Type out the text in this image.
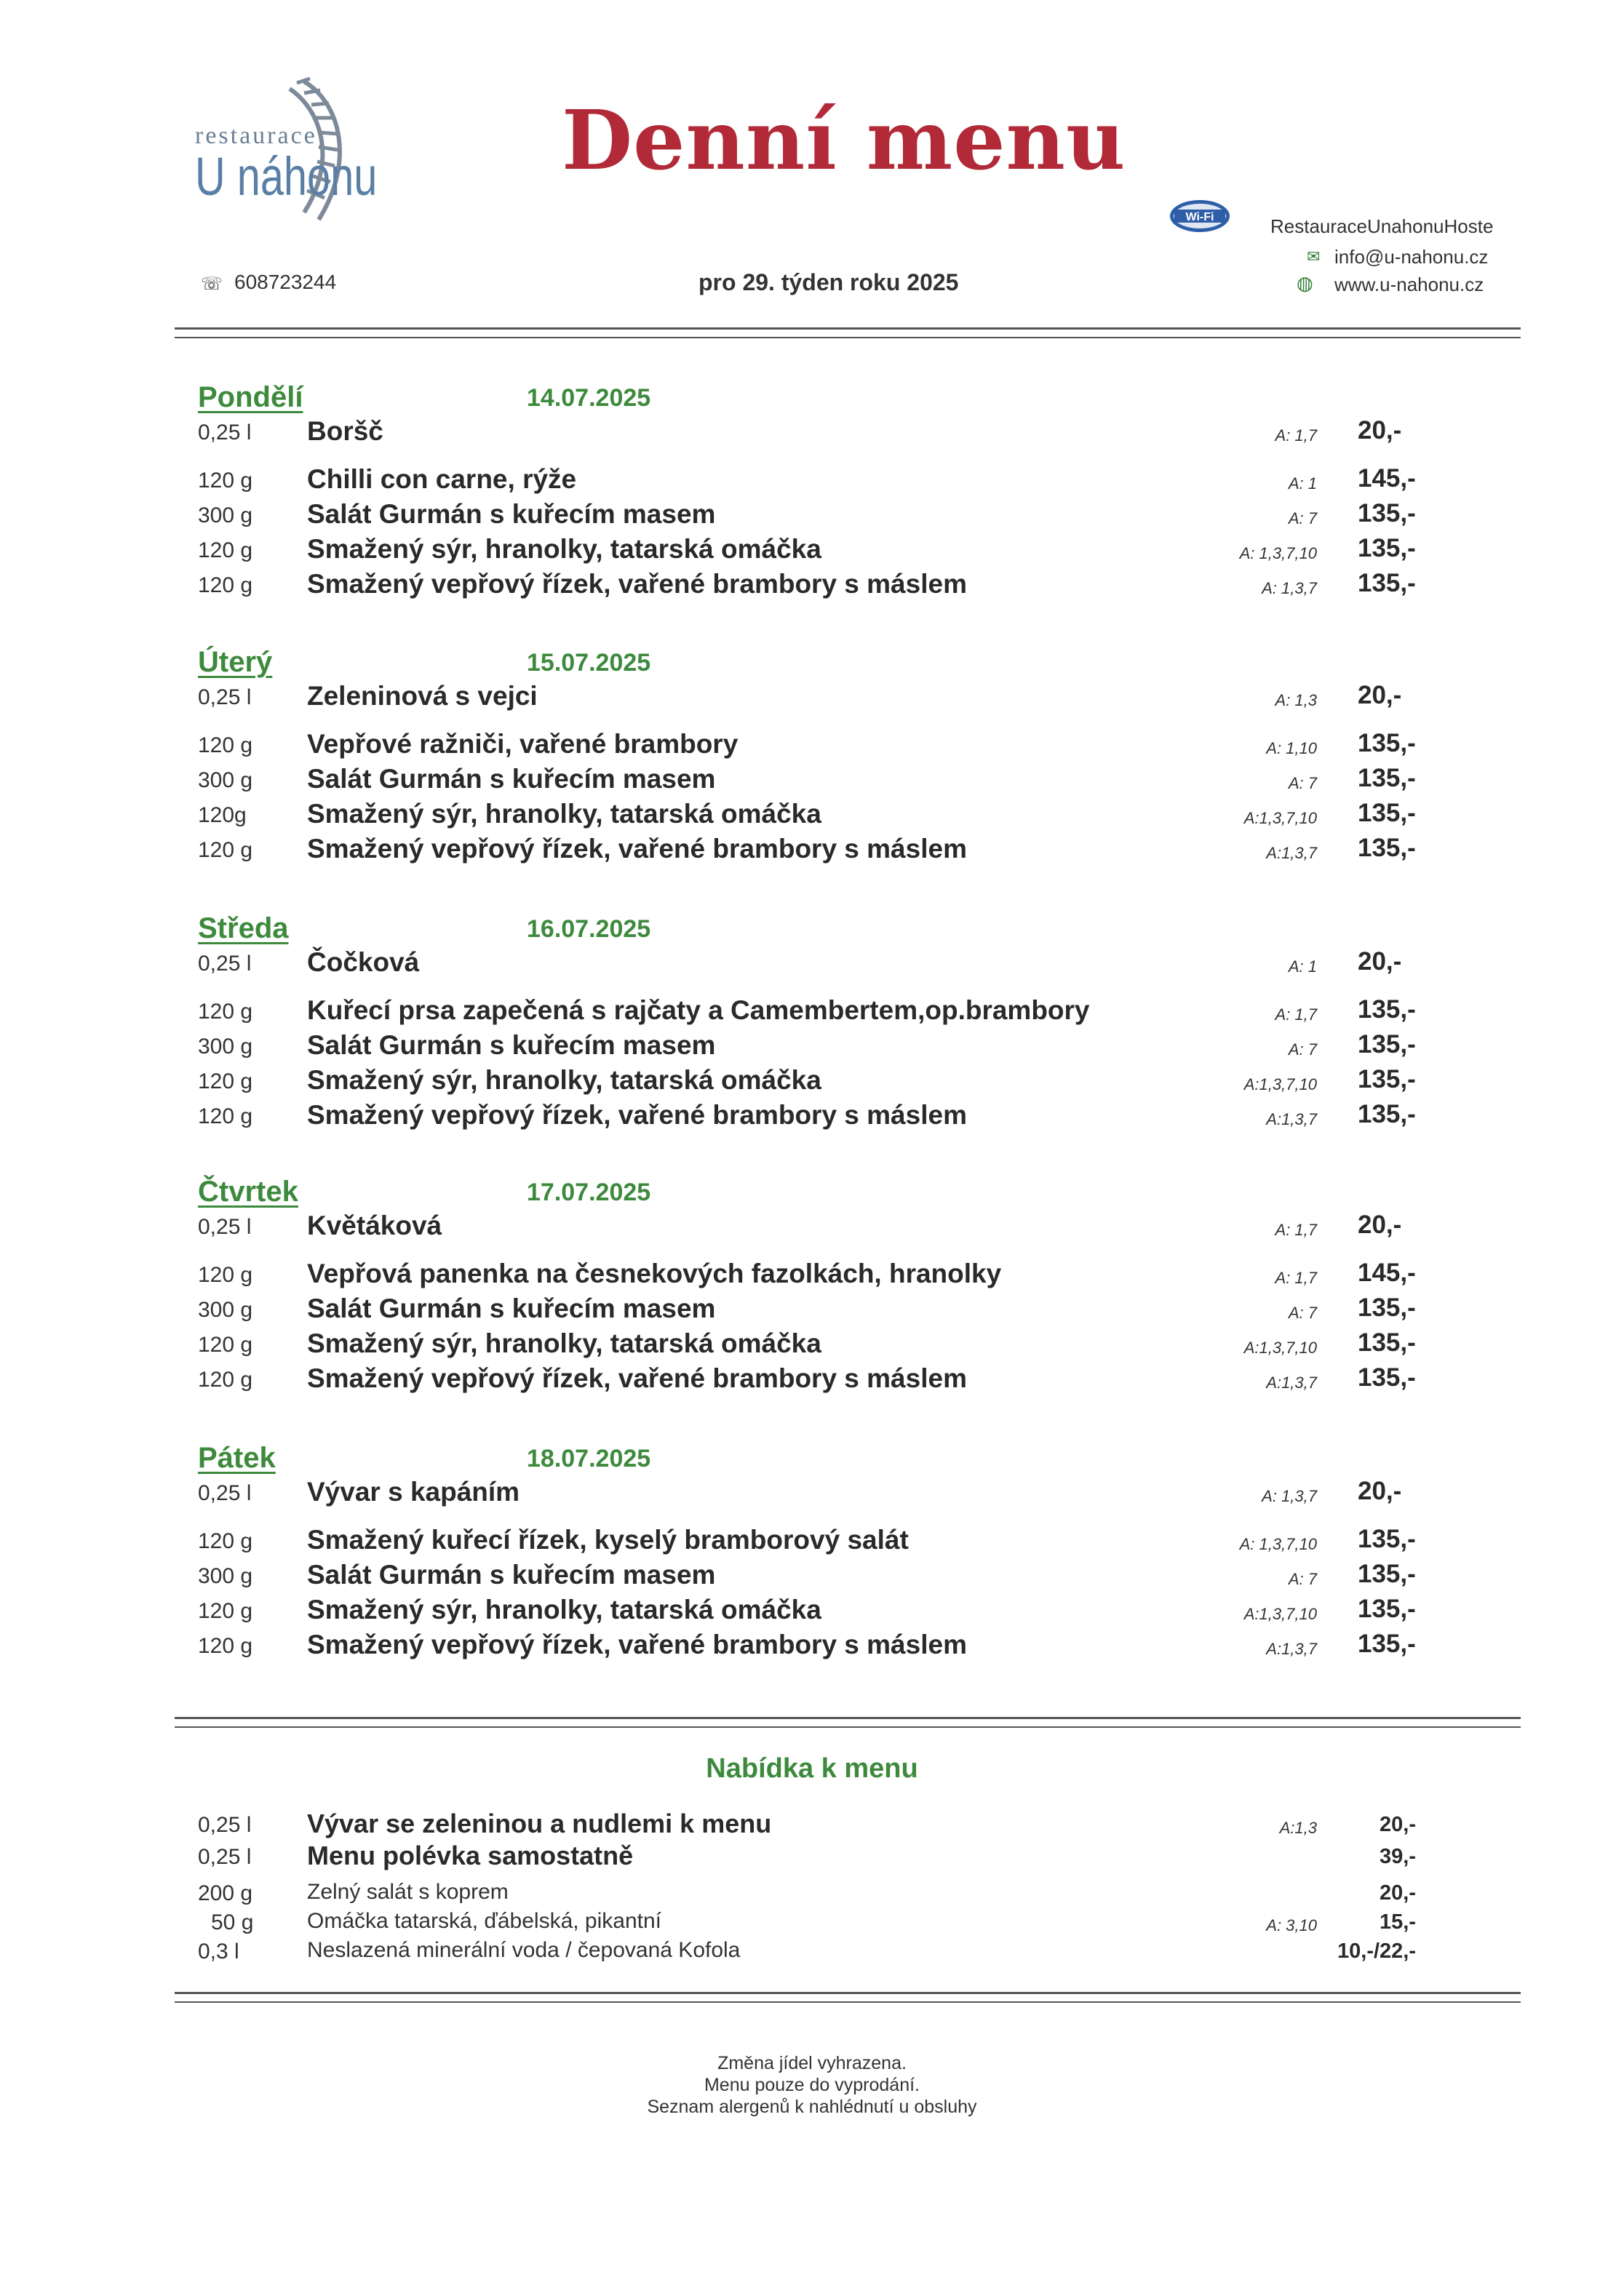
restaurace
U náhonu Denní menu
Wi-Fi	RestauraceUnahonuHoste
☏ 608723244	pro 29. týden roku 2025
✉ info@u-nahonu.cz
◍ www.u-nahonu.cz
Pondělí	14.07.2025
0,25 l	Boršč	A: 1,7 20,-
120 g	Chilli con carne, rýže	A: 1 145,-
300 g	Salát Gurmán s kuřecím masem	A: 7 135,-
120 g	Smažený sýr, hranolky, tatarská omáčka	A: 1,3,7,10 135,-
120 g	Smažený vepřový řízek, vařené brambory s máslem	A: 1,3,7 135,-
Úterý	15.07.2025
0,25 l	Zeleninová s vejci	A: 1,3 20,-
120 g	Vepřové ražniči, vařené brambory	A: 1,10 135,-
300 g	Salát Gurmán s kuřecím masem	A: 7 135,-
120g	Smažený sýr, hranolky, tatarská omáčka	A:1,3,7,10 135,-
120 g	Smažený vepřový řízek, vařené brambory s máslem	A:1,3,7 135,-
Středa	16.07.2025
0,25 l	Čočková	A: 1 20,-
120 g	Kuřecí prsa zapečená s rajčaty a Camembertem,op.brambory	A: 1,7 135,-
300 g	Salát Gurmán s kuřecím masem	A: 7 135,-
120 g	Smažený sýr, hranolky, tatarská omáčka	A:1,3,7,10 135,-
120 g	Smažený vepřový řízek, vařené brambory s máslem	A:1,3,7 135,-
Čtvrtek	17.07.2025
0,25 l	Květáková	A: 1,7 20,-
120 g	Vepřová panenka na česnekových fazolkách, hranolky	A: 1,7 145,-
300 g	Salát Gurmán s kuřecím masem	A: 7 135,-
120 g	Smažený sýr, hranolky, tatarská omáčka	A:1,3,7,10 135,-
120 g	Smažený vepřový řízek, vařené brambory s máslem	A:1,3,7 135,-
Pátek	18.07.2025
0,25 l	Vývar s kapáním	A: 1,3,7 20,-
120 g	Smažený kuřecí řízek, kyselý bramborový salát	A: 1,3,7,10 135,-
300 g	Salát Gurmán s kuřecím masem	A: 7 135,-
120 g	Smažený sýr, hranolky, tatarská omáčka	A:1,3,7,10 135,-
120 g	Smažený vepřový řízek, vařené brambory s máslem	A:1,3,7 135,-
Nabídka k menu
0,25 l Vývar se zeleninou a nudlemi k menu	A:1,3	20,-
0,25 l Menu polévka samostatně	39,-
200 g Zelný salát s koprem	20,-
50 g Omáčka tatarská, ďábelská, pikantní	A: 3,10	15,-
0,3 l	Neslazená minerální voda / čepovaná Kofola	10,-/22,-
Změna jídel vyhrazena.
Menu pouze do vyprodání.
Seznam alergenů k nahlédnutí u obsluhy
